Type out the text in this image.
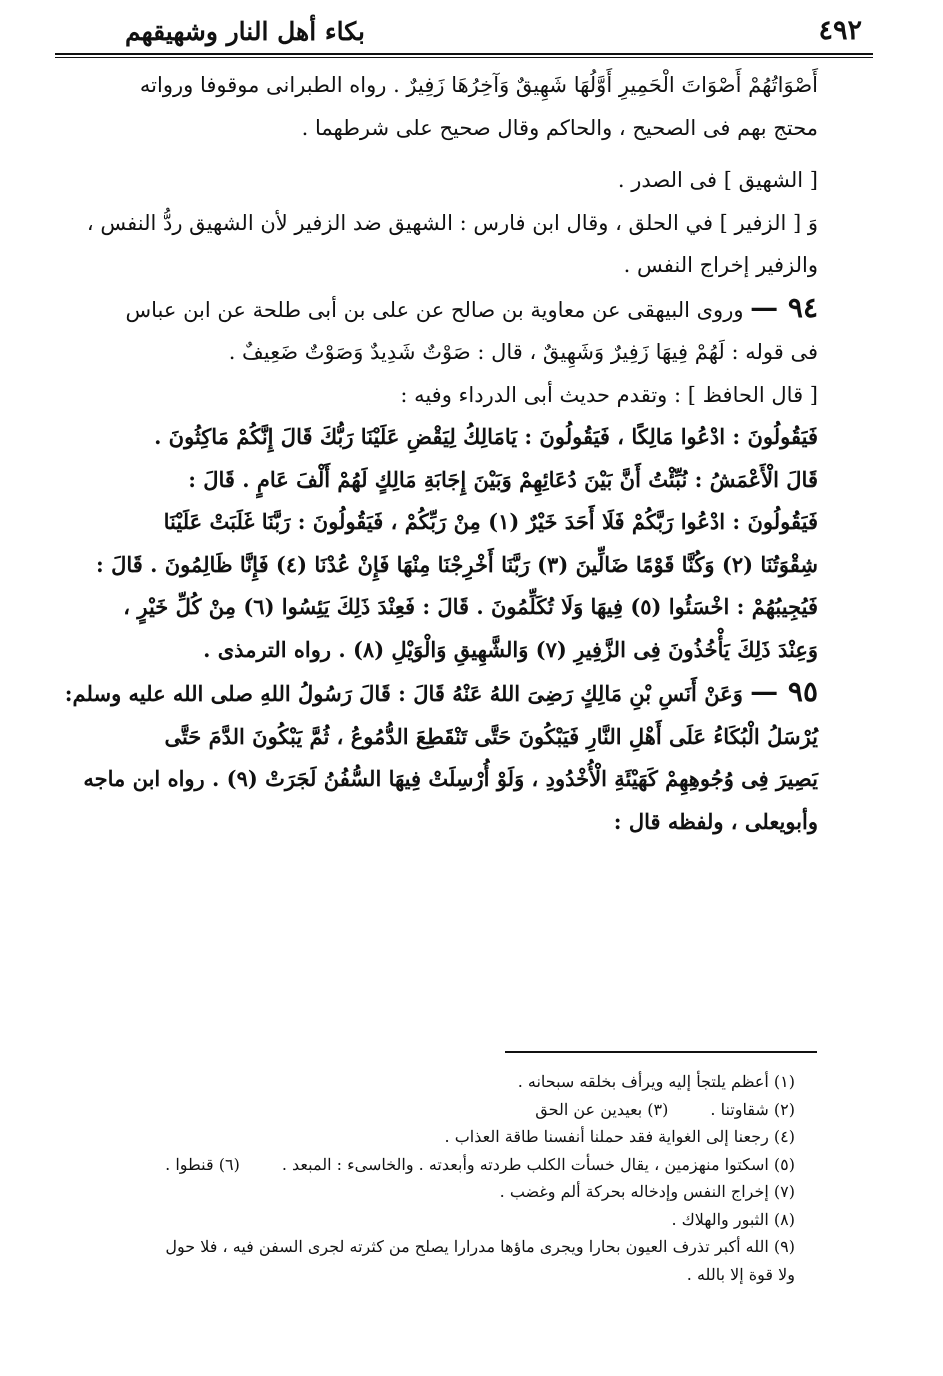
٤٩٢
بكاء أهل النار وشهيقهم

أَصْوَاتُهُمْ أَصْوَاتَ الْحَمِيرِ أَوَّلُهَا شَهِيقٌ وَآخِرُهَا زَفِيرٌ . رواه الطبرانى موقوفا ورواته

محتج بهم فى الصحيح ، والحاكم وقال صحيح على شرطهما .

[ الشهيق ] فى الصدر .

وَ [ الزفير ] في الحلق ، وقال ابن فارس : الشهيق ضد الزفير لأن الشهيق ردُّ النفس ،

والزفير إخراج النفس .

٩٤ — وروى البيهقى عن معاوية بن صالح عن على بن أبى طلحة عن ابن عباس

فى قوله : لَهُمْ فِيهَا زَفِيرٌ وَشَهِيقٌ ، قال : صَوْتٌ شَدِيدٌ وَصَوْتٌ ضَعِيفٌ .

[ قال الحافظ ] : وتقدم حديث أبى الدرداء وفيه :

فَيَقُولُونَ : ادْعُوا مَالِكًا ، فَيَقُولُونَ : يَامَالِكُ لِيَقْضِ عَلَيْنَا رَبُّكَ قَالَ إِنَّكُمْ مَاكِثُونَ .

قَالَ الْأَعْمَشُ : نُبِّئْتُ أَنَّ بَيْنَ دُعَائِهِمْ وَبَيْنَ إِجَابَةِ مَالِكٍ لَهُمْ أَلْفَ عَامٍ . قَالَ :

فَيَقُولُونَ : ادْعُوا رَبَّكُمْ فَلَا أَحَدَ خَيْرٌ (١) مِنْ رَبِّكُمْ ، فَيَقُولُونَ : رَبَّنَا غَلَبَتْ عَلَيْنَا

شِقْوَتُنَا (٢) وَكُنَّا قَوْمًا ضَالِّينَ (٣) رَبَّنَا أَخْرِجْنَا مِنْهَا فَإِنْ عُدْنَا (٤) فَإِنَّا ظَالِمُونَ . قَالَ :

فَيُجِيبُهُمْ : اخْسَئُوا (٥) فِيهَا وَلَا تُكَلِّمُونَ . قَالَ : فَعِنْدَ ذَلِكَ يَئِسُوا (٦) مِنْ كُلِّ خَيْرٍ ،

وَعِنْدَ ذَلِكَ يَأْخُذُونَ فِى الزَّفِيرِ (٧) وَالشَّهِيقِ وَالْوَيْلِ (٨) . رواه الترمذى .

٩٥ — وَعَنْ أَنَسِ بْنِ مَالِكٍ رَضِىَ اللهُ عَنْهُ قَالَ : قَالَ رَسُولُ اللهِ صلى الله عليه وسلم:

يُرْسَلُ الْبُكَاءُ عَلَى أَهْلِ النَّارِ فَيَبْكُونَ حَتَّى تَنْقَطِعَ الدُّمُوعُ ، ثُمَّ يَبْكُونَ الدَّمَ حَتَّى

يَصِيرَ فِى وُجُوهِهِمْ كَهَيْئَةِ الْأُخْدُودِ ، وَلَوْ أُرْسِلَتْ فِيهَا السُّفُنُ لَجَرَتْ (٩) . رواه ابن ماجه

وأبويعلى ، ولفظه قال :

(١) أعظم يلتجأ إليه ويرأف بخلقه سبحانه .

(٢) شقاوتنا .(٣) بعيدين عن الحق

(٤) رجعنا إلى الغواية فقد حملنا أنفسنا طاقة العذاب .

(٥) اسكتوا منهزمين ، يقال خسأت الكلب طردته وأبعدته . والخاسىء : المبعد .(٦) قنطوا .

(٧) إخراج النفس وإدخاله بحركة ألم وغضب .

(٨) الثبور والهلاك .

(٩) الله أكبر تذرف العيون بحارا ويجرى ماؤها مدرارا يصلح من كثرته لجرى السفن فيه ، فلا حول

ولا قوة إلا بالله .
